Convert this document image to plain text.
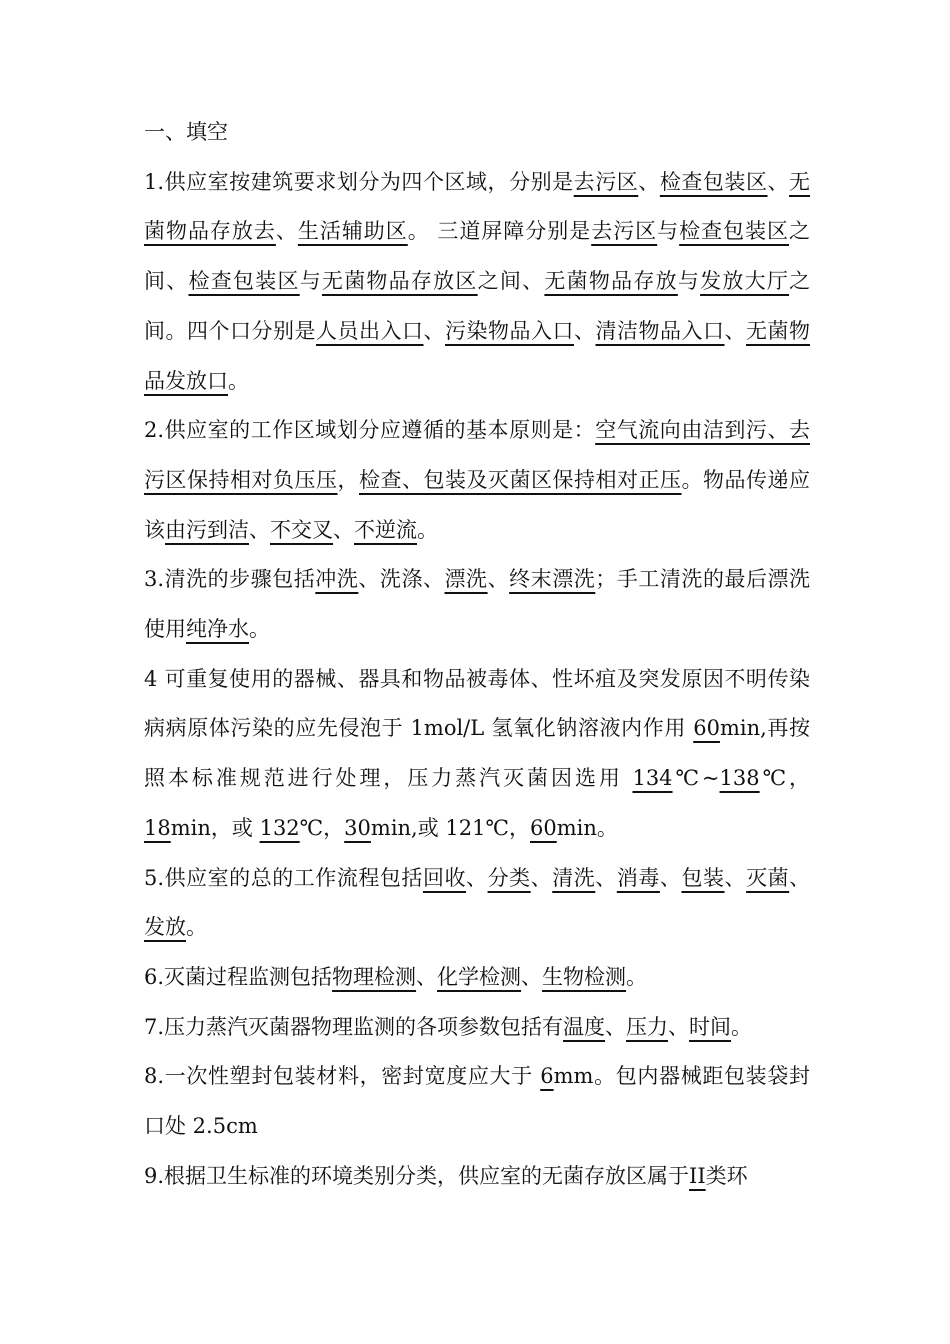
一、填空

1.供应室按建筑要求划分为四个区域，分别是去污区、检查包装区、无菌物品存放去、生活辅助区。 三道屏障分别是去污区与检查包装区之间、检查包装区与无菌物品存放区之间、无菌物品存放与发放大厅之间。四个口分别是人员出入口、污染物品入口、清洁物品入口、无菌物品发放口。

2.供应室的工作区域划分应遵循的基本原则是：空气流向由洁到污、去污区保持相对负压压，检查、包装及灭菌区保持相对正压。物品传递应该由污到洁、不交叉、不逆流。

3.清洗的步骤包括冲洗、洗涤、漂洗、终末漂洗；手工清洗的最后漂洗使用纯净水。

4 可重复使用的器械、器具和物品被毒体、性坏疽及突发原因不明传染病病原体污染的应先侵泡于 1mol/L 氢氧化钠溶液内作用 60min,再按照本标准规范进行处理，压力蒸汽灭菌因选用 134℃~138℃，18min，或 132℃，30min,或 121℃，60min。

5.供应室的总的工作流程包括回收、分类、清洗、消毒、包装、灭菌、发放。

6.灭菌过程监测包括物理检测、化学检测、生物检测。

7.压力蒸汽灭菌器物理监测的各项参数包括有温度、压力、时间。

8.一次性塑封包装材料，密封宽度应大于 6mm。包内器械距包装袋封口处 2.5cm

9.根据卫生标准的环境类别分类，供应室的无菌存放区属于II类环
